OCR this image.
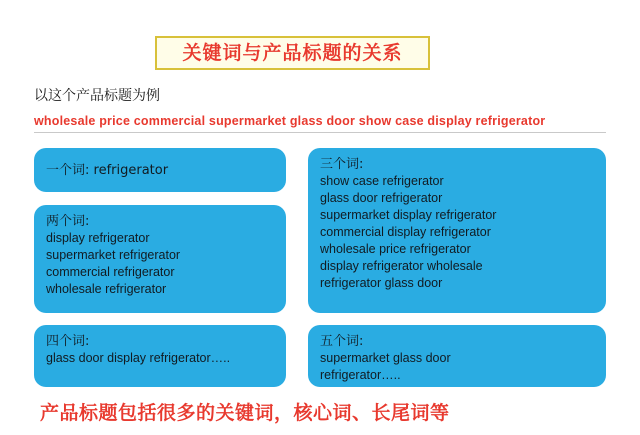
关键词与产品标题的关系
以这个产品标题为例
wholesale price commercial supermarket glass door show case display refrigerator
一个词: refrigerator
两个词:
display refrigerator
supermarket refrigerator
commercial refrigerator
wholesale refrigerator
四个词:
glass door display refrigerator…..
三个词:
show case refrigerator
glass door refrigerator
supermarket display refrigerator
commercial display refrigerator
wholesale price refrigerator
display refrigerator wholesale
refrigerator glass door
五个词:
supermarket glass door
refrigerator…..
产品标题包括很多的关键词，核心词、长尾词等
